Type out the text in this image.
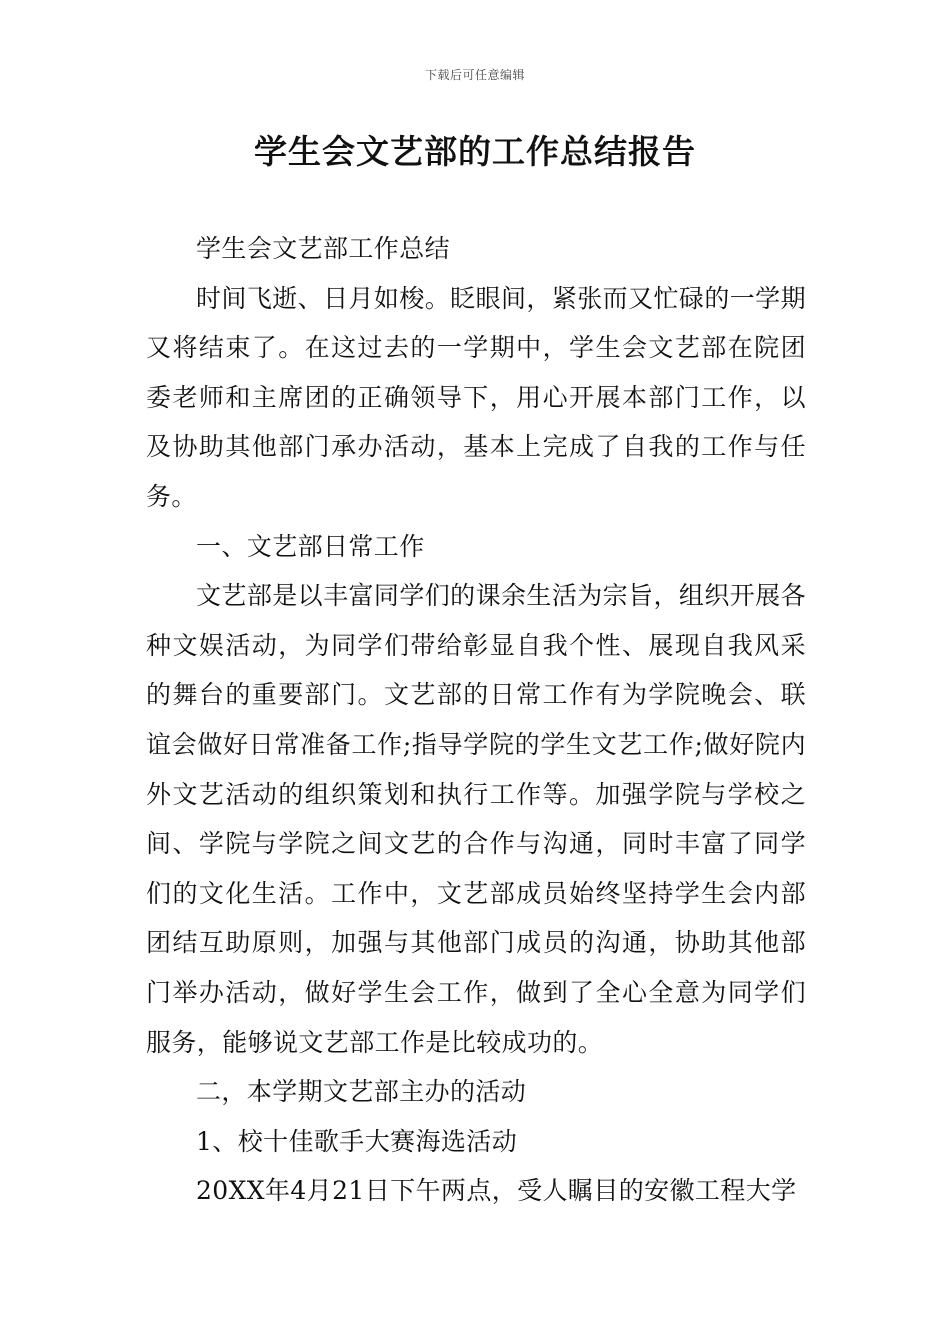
下载后可任意编辑
学生会文艺部的工作总结报告

学生会文艺部工作总结

时间飞逝、日月如梭。眨眼间，紧张而又忙碌的一学期又将结束了。在这过去的一学期中，学生会文艺部在院团委老师和主席团的正确领导下，用心开展本部门工作，以及协助其他部门承办活动，基本上完成了自我的工作与任务。

一、文艺部日常工作

文艺部是以丰富同学们的课余生活为宗旨，组织开展各种文娱活动，为同学们带给彰显自我个性、展现自我风采的舞台的重要部门。文艺部的日常工作有为学院晚会、联谊会做好日常准备工作;指导学院的学生文艺工作;做好院内外文艺活动的组织策划和执行工作等。加强学院与学校之间、学院与学院之间文艺的合作与沟通，同时丰富了同学们的文化生活。工作中，文艺部成员始终坚持学生会内部团结互助原则，加强与其他部门成员的沟通，协助其他部门举办活动，做好学生会工作，做到了全心全意为同学们服务，能够说文艺部工作是比较成功的。

二，本学期文艺部主办的活动

1、校十佳歌手大赛海选活动

20XX年4月21日下午两点，受人瞩目的安徽工程大学
